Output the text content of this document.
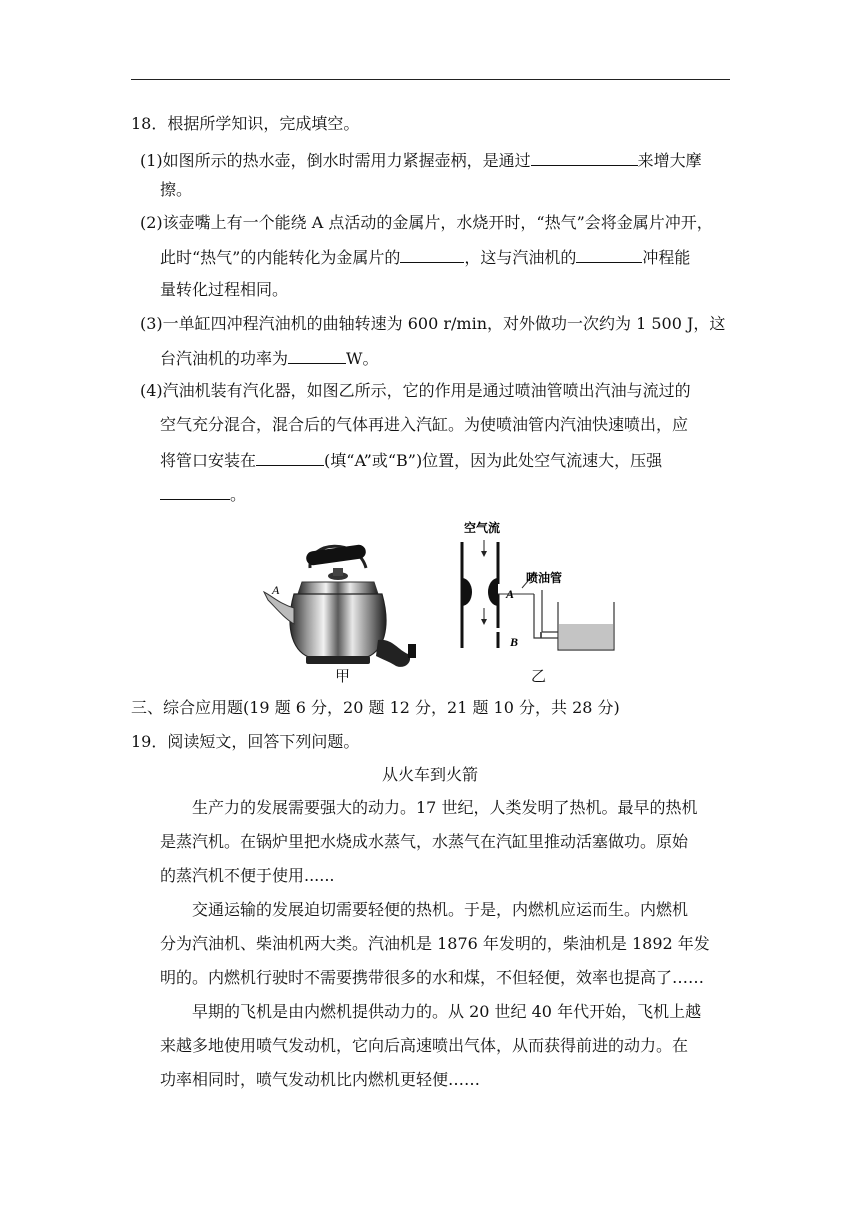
18．根据所学知识，完成填空。
(1)如图所示的热水壶，倒水时需用力紧握壶柄，是通过	来增大摩
擦。
(2)该壶嘴上有一个能绕 A 点活动的金属片，水烧开时，“热气”会将金属片冲开，
此时“热气”的内能转化为金属片的	，这与汽油机的	冲程能
量转化过程相同。
(3)一单缸四冲程汽油机的曲轴转速为 600 r/min，对外做功一次约为 1 500 J，这
台汽油机的功率为	W。
(4)汽油机装有汽化器，如图乙所示，它的作用是通过喷油管喷出汽油与流过的
空气充分混合，混合后的气体再进入汽缸。为使喷油管内汽油快速喷出，应
将管口安装在	(填“A”或“B”)位置，因为此处空气流速大，压强
。
A
空气流
喷油管
A
B
甲	乙
三、综合应用题(19 题 6 分，20 题 12 分，21 题 10 分，共 28 分)
19．阅读短文，回答下列问题。
从火车到火箭
生产力的发展需要强大的动力。17 世纪，人类发明了热机。最早的热机
是蒸汽机。在锅炉里把水烧成水蒸气，水蒸气在汽缸里推动活塞做功。原始
的蒸汽机不便于使用......
交通运输的发展迫切需要轻便的热机。于是，内燃机应运而生。内燃机
分为汽油机、柴油机两大类。汽油机是 1876 年发明的，柴油机是 1892 年发
明的。内燃机行驶时不需要携带很多的水和煤，不但轻便，效率也提高了……
早期的飞机是由内燃机提供动力的。从 20 世纪 40 年代开始，飞机上越
来越多地使用喷气发动机，它向后高速喷出气体，从而获得前进的动力。在
功率相同时，喷气发动机比内燃机更轻便……
